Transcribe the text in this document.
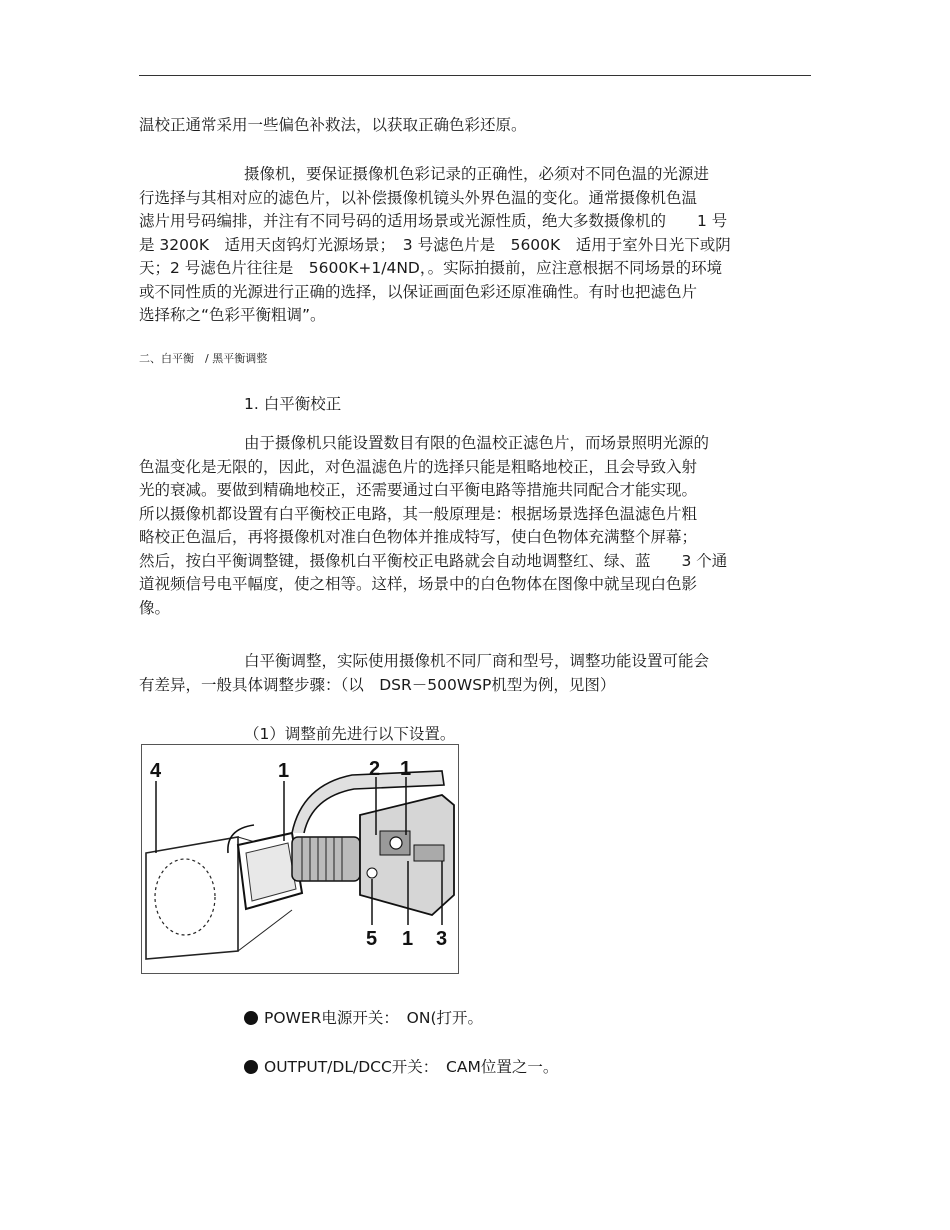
温校正通常采用一些偏色补救法，以获取正确色彩还原。
摄像机，要保证摄像机色彩记录的正确性，必须对不同色温的光源进
行选择与其相对应的滤色片，以补偿摄像机镜头外界色温的变化。通常摄像机色温
滤片用号码编排，并注有不同号码的适用场景或光源性质，绝大多数摄像机的　　1 号
是 3200K　适用天卤钨灯光源场景；　3 号滤色片是　5600K　适用于室外日光下或阴
天；2 号滤色片往往是　5600K+1/4ND，。实际拍摄前，应注意根据不同场景的环境
或不同性质的光源进行正确的选择，以保证画面色彩还原准确性。有时也把滤色片
选择称之“色彩平衡粗调”。
二、白平衡　/ 黑平衡调整
1. 白平衡校正
由于摄像机只能设置数目有限的色温校正滤色片，而场景照明光源的
色温变化是无限的，因此，对色温滤色片的选择只能是粗略地校正，且会导致入射
光的衰减。要做到精确地校正，还需要通过白平衡电路等措施共同配合才能实现。
所以摄像机都设置有白平衡校正电路，其一般原理是：根据场景选择色温滤色片粗
略校正色温后，再将摄像机对准白色物体并推成特写，使白色物体充满整个屏幕；
然后，按白平衡调整键，摄像机白平衡校正电路就会自动地调整红、绿、蓝　　3 个通
道视频信号电平幅度，使之相等。这样，场景中的白色物体在图像中就呈现白色影
像。
白平衡调整，实际使用摄像机不同厂商和型号，调整功能设置可能会
有差异，一般具体调整步骤：（以　DSR－500WSP机型为例，见图）
（1）调整前先进行以下设置。
4	1	2 1
5 1 3
POWER电源开关：　ON(打开。
OUTPUT/DL/DCC开关：　CAM位置之一。
